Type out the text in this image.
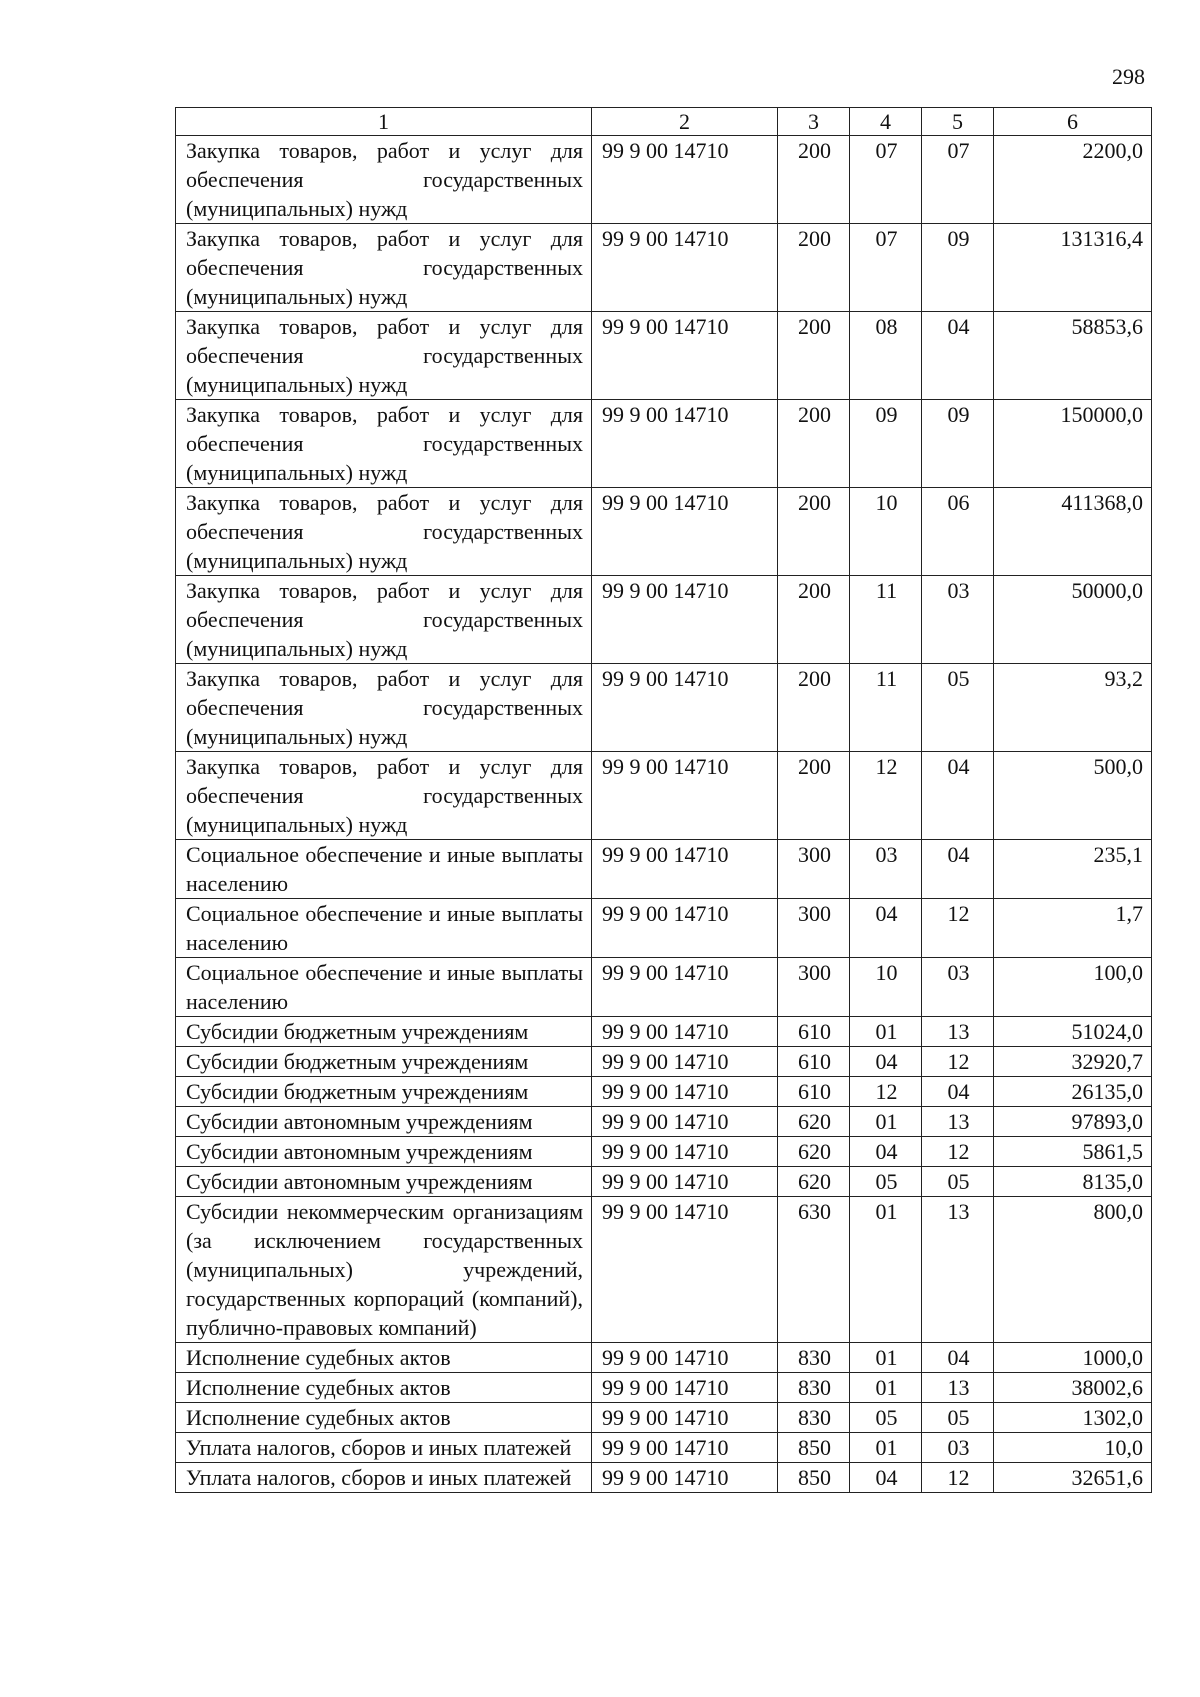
298
1	2	3	4	5	6
Закупка товаров, работ и услуг для обеспечения государственных (муниципальных) нужд	99 9 00 14710	200	07	07	2200,0
Закупка товаров, работ и услуг для обеспечения государственных (муниципальных) нужд	99 9 00 14710	200	07	09	131316,4
Закупка товаров, работ и услуг для обеспечения государственных (муниципальных) нужд	99 9 00 14710	200	08	04	58853,6
Закупка товаров, работ и услуг для обеспечения государственных (муниципальных) нужд	99 9 00 14710	200	09	09	150000,0
Закупка товаров, работ и услуг для обеспечения государственных (муниципальных) нужд	99 9 00 14710	200	10	06	411368,0
Закупка товаров, работ и услуг для обеспечения государственных (муниципальных) нужд	99 9 00 14710	200	11	03	50000,0
Закупка товаров, работ и услуг для обеспечения государственных (муниципальных) нужд	99 9 00 14710	200	11	05	93,2
Закупка товаров, работ и услуг для обеспечения государственных (муниципальных) нужд	99 9 00 14710	200	12	04	500,0
Социальное обеспечение и иные выплаты населению	99 9 00 14710	300	03	04	235,1
Социальное обеспечение и иные выплаты населению	99 9 00 14710	300	04	12	1,7
Социальное обеспечение и иные выплаты населению	99 9 00 14710	300	10	03	100,0
Субсидии бюджетным учреждениям	99 9 00 14710	610	01	13	51024,0
Субсидии бюджетным учреждениям	99 9 00 14710	610	04	12	32920,7
Субсидии бюджетным учреждениям	99 9 00 14710	610	12	04	26135,0
Субсидии автономным учреждениям	99 9 00 14710	620	01	13	97893,0
Субсидии автономным учреждениям	99 9 00 14710	620	04	12	5861,5
Субсидии автономным учреждениям	99 9 00 14710	620	05	05	8135,0
Субсидии некоммерческим организациям (за исключением государственных (муниципальных) учреждений, государственных корпораций (компаний), публично-правовых компаний)	99 9 00 14710	630	01	13	800,0
Исполнение судебных актов	99 9 00 14710	830	01	04	1000,0
Исполнение судебных актов	99 9 00 14710	830	01	13	38002,6
Исполнение судебных актов	99 9 00 14710	830	05	05	1302,0
Уплата налогов, сборов и иных платежей	99 9 00 14710	850	01	03	10,0
Уплата налогов, сборов и иных платежей	99 9 00 14710	850	04	12	32651,6
